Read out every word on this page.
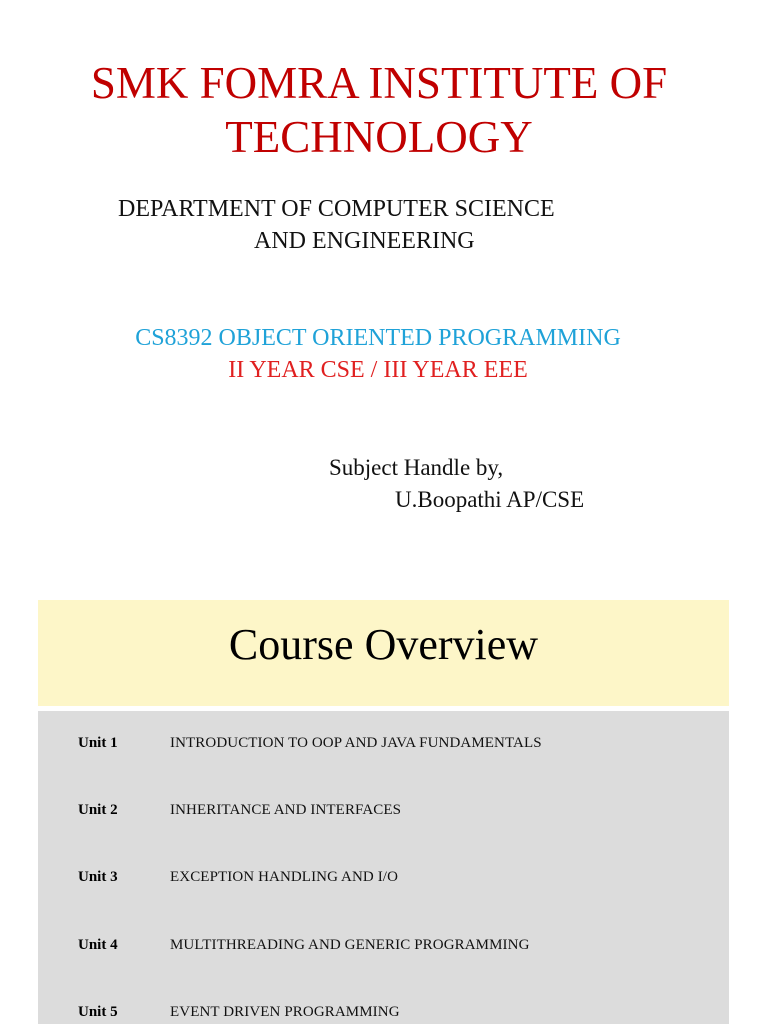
SMK FOMRA INSTITUTE OF TECHNOLOGY
DEPARTMENT OF COMPUTER SCIENCE
AND ENGINEERING
CS8392 OBJECT ORIENTED PROGRAMMING
II YEAR CSE / III YEAR EEE
Subject Handle by,
U.Boopathi AP/CSE
Course Overview
Unit 1	INTRODUCTION TO OOP AND JAVA FUNDAMENTALS
Unit 2	INHERITANCE AND INTERFACES
Unit 3	EXCEPTION HANDLING AND I/O
Unit 4	MULTITHREADING AND GENERIC PROGRAMMING
Unit 5	EVENT DRIVEN PROGRAMMING
